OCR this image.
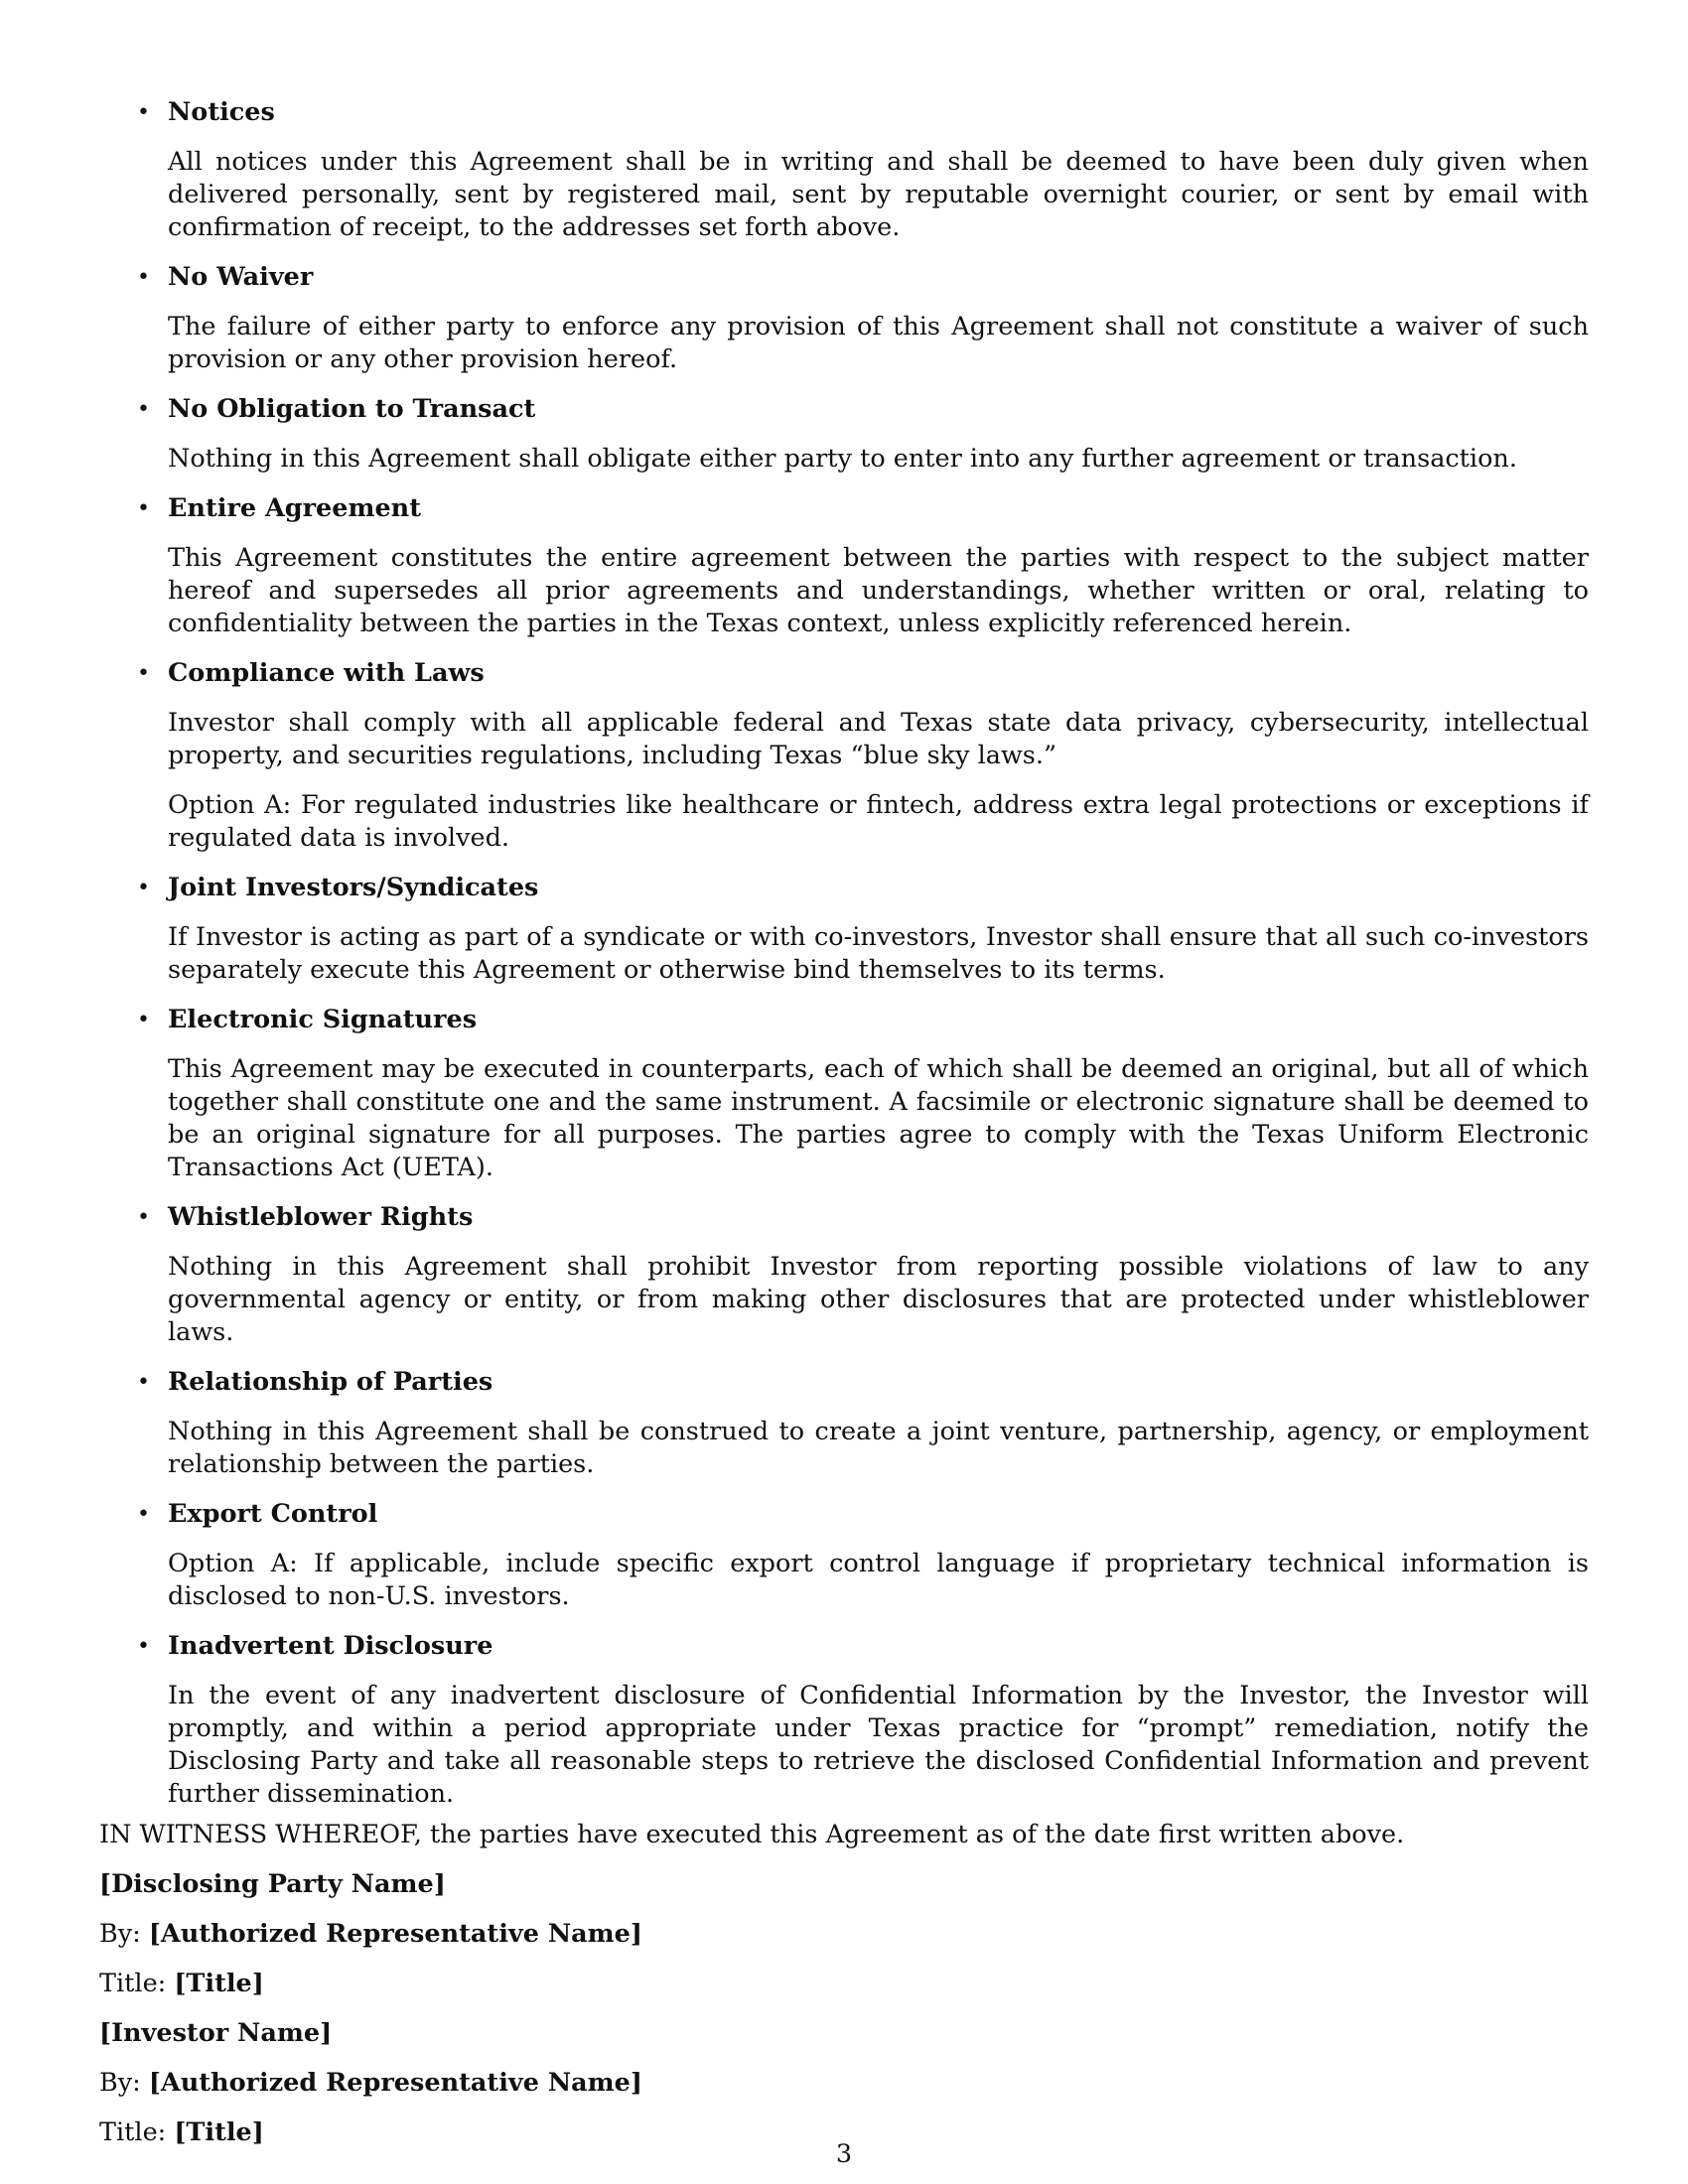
• Notices

All notices under this Agreement shall be in writing and shall be deemed to have been duly given when delivered personally, sent by registered mail, sent by reputable overnight courier, or sent by email with confirmation of receipt, to the addresses set forth above.

• No Waiver

The failure of either party to enforce any provision of this Agreement shall not constitute a waiver of such provision or any other provision hereof.

• No Obligation to Transact

Nothing in this Agreement shall obligate either party to enter into any further agreement or transaction.

• Entire Agreement

This Agreement constitutes the entire agreement between the parties with respect to the subject matter hereof and supersedes all prior agreements and understandings, whether written or oral, relating to confidentiality between the parties in the Texas context, unless explicitly referenced herein.

• Compliance with Laws

Investor shall comply with all applicable federal and Texas state data privacy, cybersecurity, intellectual property, and securities regulations, including Texas “blue sky laws.”

Option A: For regulated industries like healthcare or fintech, address extra legal protections or exceptions if regulated data is involved.

• Joint Investors/Syndicates

If Investor is acting as part of a syndicate or with co-investors, Investor shall ensure that all such co-investors separately execute this Agreement or otherwise bind themselves to its terms.

• Electronic Signatures

This Agreement may be executed in counterparts, each of which shall be deemed an original, but all of which together shall constitute one and the same instrument. A facsimile or electronic signature shall be deemed to be an original signature for all purposes. The parties agree to comply with the Texas Uniform Electronic Transactions Act (UETA).

• Whistleblower Rights

Nothing in this Agreement shall prohibit Investor from reporting possible violations of law to any governmental agency or entity, or from making other disclosures that are protected under whistleblower laws.

• Relationship of Parties

Nothing in this Agreement shall be construed to create a joint venture, partnership, agency, or employment relationship between the parties.

• Export Control

Option A: If applicable, include specific export control language if proprietary technical information is disclosed to non-U.S. investors.

• Inadvertent Disclosure

In the event of any inadvertent disclosure of Confidential Information by the Investor, the Investor will promptly, and within a period appropriate under Texas practice for “prompt” remediation, notify the Disclosing Party and take all reasonable steps to retrieve the disclosed Confidential Information and prevent further dissemination.

IN WITNESS WHEREOF, the parties have executed this Agreement as of the date first written above.

[Disclosing Party Name]

By: [Authorized Representative Name]

Title: [Title]

[Investor Name]

By: [Authorized Representative Name]

Title: [Title]

3
